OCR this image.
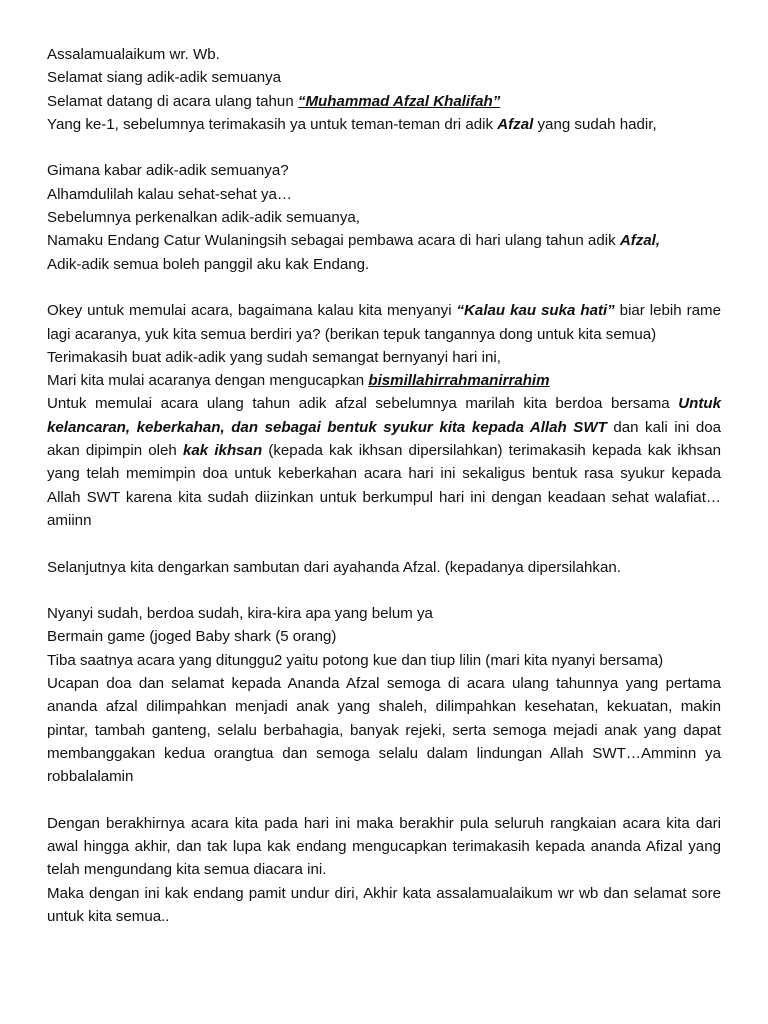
Assalamualaikum wr. Wb.
Selamat siang adik-adik semuanya
Selamat datang di acara ulang tahun “Muhammad Afzal Khalifah”
Yang ke-1, sebelumnya terimakasih ya untuk teman-teman dri adik Afzal yang sudah hadir,
Gimana kabar adik-adik semuanya?
Alhamdulilah kalau sehat-sehat ya…
Sebelumnya perkenalkan adik-adik semuanya,
Namaku Endang Catur Wulaningsih sebagai pembawa acara di hari ulang tahun adik Afzal,
Adik-adik semua boleh panggil aku kak Endang.
Okey untuk memulai acara, bagaimana kalau kita menyanyi “Kalau kau suka hati” biar lebih rame lagi acaranya, yuk kita semua berdiri ya? (berikan tepuk tangannya dong untuk kita semua)
Terimakasih buat adik-adik yang sudah semangat bernyanyi hari ini,
Mari kita mulai acaranya dengan mengucapkan bismillahirrahmanirrahim
Untuk memulai acara ulang tahun adik afzal sebelumnya marilah kita berdoa bersama Untuk kelancaran, keberkahan, dan sebagai bentuk syukur kita kepada Allah SWT dan kali ini doa akan dipimpin oleh kak ikhsan (kepada kak ikhsan dipersilahkan) terimakasih kepada kak ikhsan yang telah memimpin doa untuk keberkahan acara hari ini sekaligus bentuk rasa syukur kepada Allah SWT karena kita sudah diizinkan untuk berkumpul hari ini dengan keadaan sehat walafiat…amiinn
Selanjutnya kita dengarkan sambutan dari ayahanda Afzal. (kepadanya dipersilahkan.
Nyanyi sudah, berdoa sudah, kira-kira apa yang belum ya
Bermain game (joged Baby shark (5 orang)
Tiba saatnya acara yang ditunggu2 yaitu potong kue dan tiup lilin (mari kita nyanyi bersama)
Ucapan doa dan selamat kepada Ananda Afzal semoga di acara ulang tahunnya yang pertama ananda afzal dilimpahkan menjadi anak yang shaleh, dilimpahkan kesehatan, kekuatan, makin pintar, tambah ganteng, selalu berbahagia, banyak rejeki, serta semoga mejadi anak yang dapat membanggakan kedua orangtua dan semoga selalu dalam lindungan Allah SWT…Amminn ya robbalalamin
Dengan berakhirnya acara kita pada hari ini maka berakhir pula seluruh rangkaian acara kita dari awal hingga akhir, dan tak lupa kak endang mengucapkan terimakasih kepada ananda Afizal yang telah mengundang kita semua diacara ini.
Maka dengan ini kak endang pamit undur diri, Akhir kata assalamualaikum wr wb dan selamat sore untuk kita semua..
